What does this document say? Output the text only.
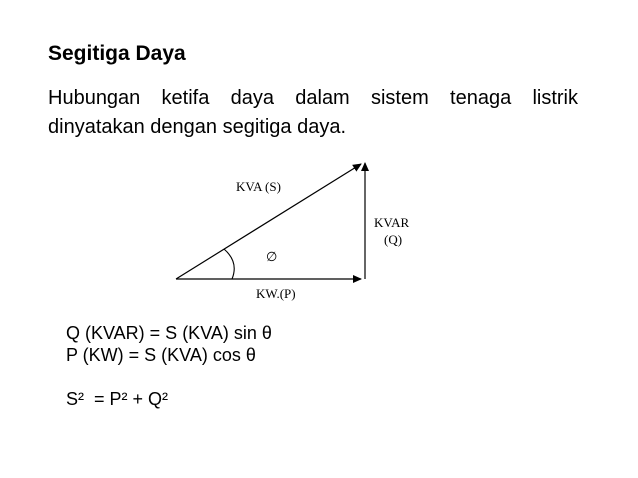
Segitiga Daya

Hubungan ketifa daya dalam sistem tenaga listrik dinyatakan dengan segitiga daya.

KVA (S)
KVAR
(Q)
KW.(P)
∅
Q (KVAR) = S (KVA) sin θ
P (KW) = S (KVA) cos θ
S²  = P² + Q²
